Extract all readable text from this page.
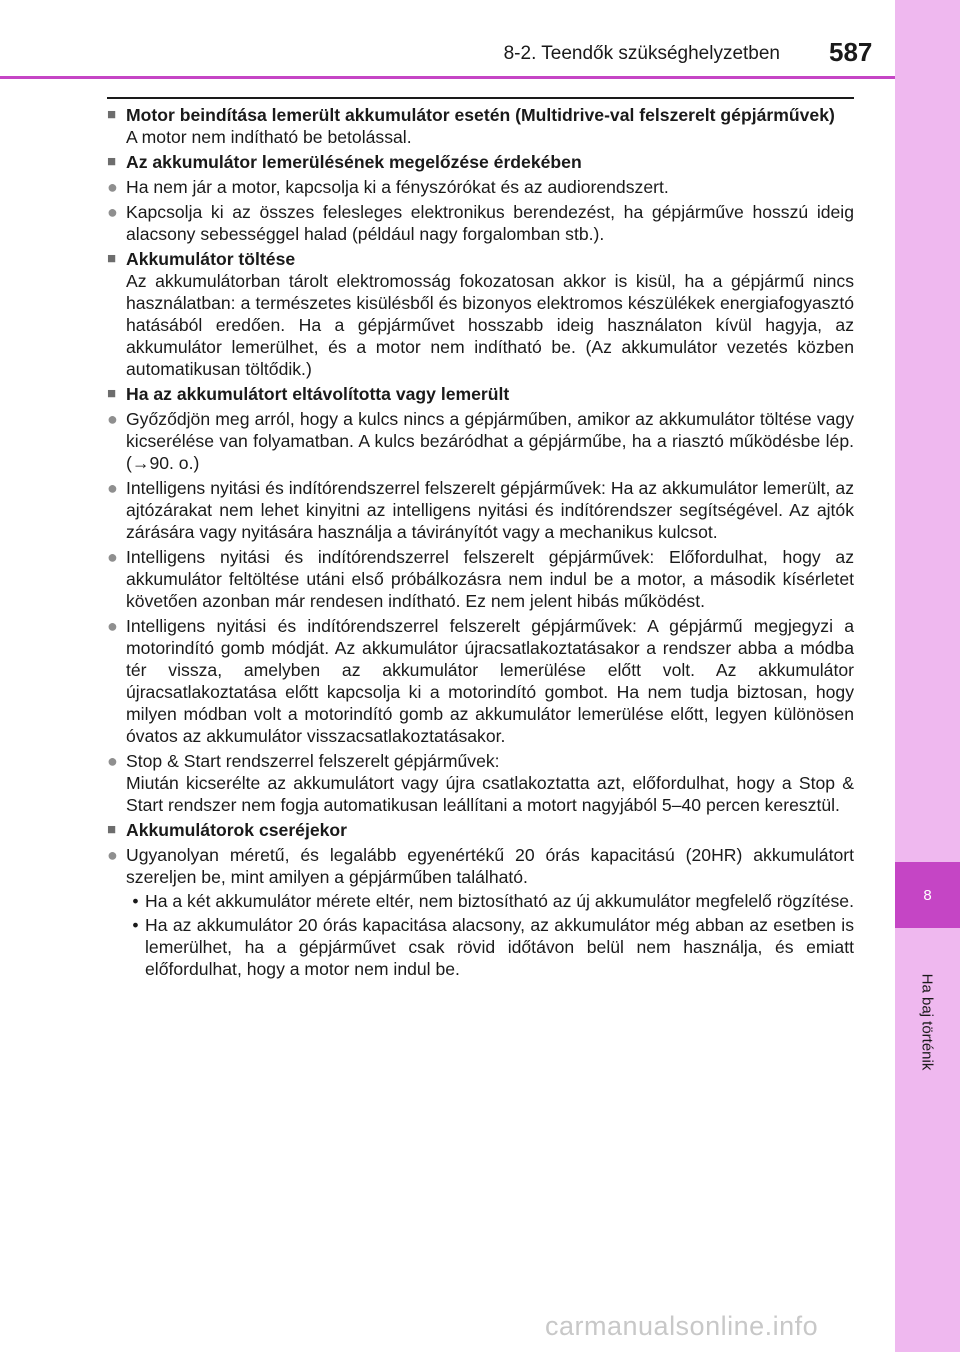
8
Ha baj történik
8-2. Teendők szükséghelyzetben 587
■ Motor beindítása lemerült akkumulátor esetén (Multidrive-val felszerelt gépjárművek)
A motor nem indítható be betolással.
■ Az akkumulátor lemerülésének megelőzése érdekében
● Ha nem jár a motor, kapcsolja ki a fényszórókat és az audiorendszert.
● Kapcsolja ki az összes felesleges elektronikus berendezést, ha gépjárműve hosszú ideig alacsony sebességgel halad (például nagy forgalomban stb.).
■ Akkumulátor töltése
Az akkumulátorban tárolt elektromosság fokozatosan akkor is kisül, ha a gépjármű nincs használatban: a természetes kisülésből és bizonyos elektromos készülékek energiafogyasztó hatásából eredően. Ha a gépjárművet hosszabb ideig használaton kívül hagyja, az akkumulátor lemerülhet, és a motor nem indítható be. (Az akkumulátor vezetés közben automatikusan töltődik.)
■ Ha az akkumulátort eltávolította vagy lemerült
● Győződjön meg arról, hogy a kulcs nincs a gépjárműben, amikor az akkumulátor töltése vagy kicserélése van folyamatban. A kulcs bezáródhat a gépjárműbe, ha a riasztó működésbe lép. (→90. o.)
● Intelligens nyitási és indítórendszerrel felszerelt gépjárművek: Ha az akkumulátor lemerült, az ajtózárakat nem lehet kinyitni az intelligens nyitási és indítórendszer segítségével. Az ajtók zárására vagy nyitására használja a távirányítót vagy a mechanikus kulcsot.
● Intelligens nyitási és indítórendszerrel felszerelt gépjárművek: Előfordulhat, hogy az akkumulátor feltöltése utáni első próbálkozásra nem indul be a motor, a második kísérletet követően azonban már rendesen indítható. Ez nem jelent hibás működést.
● Intelligens nyitási és indítórendszerrel felszerelt gépjárművek: A gépjármű megjegyzi a motorindító gomb módját. Az akkumulátor újracsatlakoztatásakor a rendszer abba a módba tér vissza, amelyben az akkumulátor lemerülése előtt volt. Az akkumulátor újracsatlakoztatása előtt kapcsolja ki a motorindító gombot. Ha nem tudja biztosan, hogy milyen módban volt a motorindító gomb az akkumulátor lemerülése előtt, legyen különösen óvatos az akkumulátor visszacsatlakoztatásakor.
● Stop & Start rendszerrel felszerelt gépjárművek:
Miután kicserélte az akkumulátort vagy újra csatlakoztatta azt, előfordulhat, hogy a Stop & Start rendszer nem fogja automatikusan leállítani a motort nagyjából 5–40 percen keresztül.
■ Akkumulátorok cseréjekor
● Ugyanolyan méretű, és legalább egyenértékű 20 órás kapacitású (20HR) akkumulátort szereljen be, mint amilyen a gépjárműben található.
• Ha a két akkumulátor mérete eltér, nem biztosítható az új akkumulátor megfelelő rögzítése.
• Ha az akkumulátor 20 órás kapacitása alacsony, az akkumulátor még abban az esetben is lemerülhet, ha a gépjárművet csak rövid időtávon belül nem használja, és emiatt előfordulhat, hogy a motor nem indul be.
carmanualsonline.info
